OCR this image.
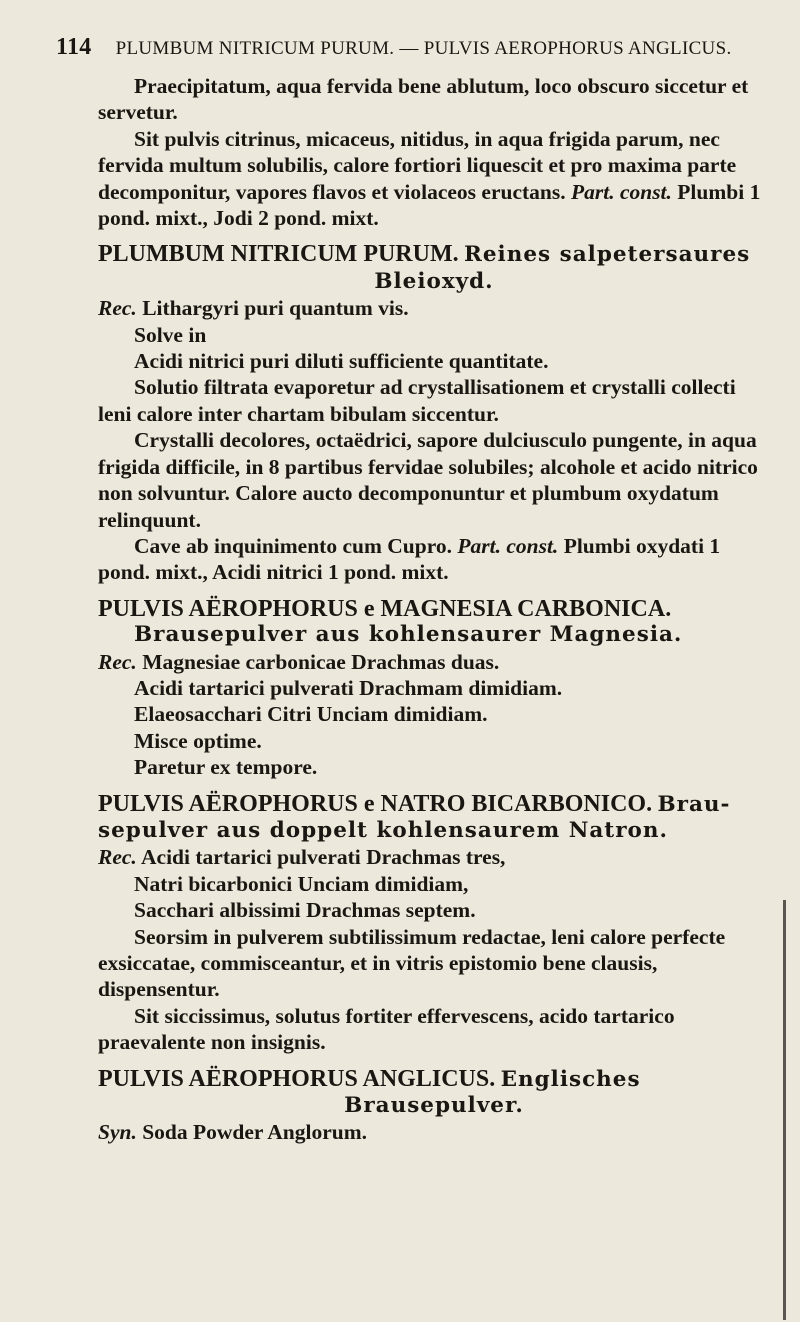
114 PLUMBUM NITRICUM PURUM. — PULVIS AEROPHORUS ANGLICUS.

Praecipitatum, aqua fervida bene ablutum, loco obscuro siccetur et servetur.

Sit pulvis citrinus, micaceus, nitidus, in aqua frigida parum, nec fervida multum solubilis, calore fortiori liquescit et pro maxima parte decomponitur, vapores flavos et violaceos eructans. Part. const. Plumbi 1 pond. mixt., Jodi 2 pond. mixt.

PLUMBUM NITRICUM PURUM. Reines salpetersaures

Bleioxyd.

Rec. Lithargyri puri quantum vis.

Solve in

Acidi nitrici puri diluti sufficiente quantitate.

Solutio filtrata evaporetur ad crystallisationem et crystalli collecti leni calore inter chartam bibulam siccentur.

Crystalli decolores, octaëdrici, sapore dulciusculo pungente, in aqua frigida difficile, in 8 partibus fervidae solubiles; alcohole et acido nitrico non solvuntur. Calore aucto decomponuntur et plumbum oxydatum relinquunt.

Cave ab inquinimento cum Cupro. Part. const. Plumbi oxydati 1 pond. mixt., Acidi nitrici 1 pond. mixt.

PULVIS AËROPHORUS e MAGNESIA CARBONICA.

Brausepulver aus kohlensaurer Magnesia.

Rec. Magnesiae carbonicae Drachmas duas.

Acidi tartarici pulverati Drachmam dimidiam.

Elaeosacchari Citri Unciam dimidiam.

Misce optime.

Paretur ex tempore.

PULVIS AËROPHORUS e NATRO BICARBONICO. Brau-

sepulver aus doppelt kohlensaurem Natron.

Rec. Acidi tartarici pulverati Drachmas tres,

Natri bicarbonici Unciam dimidiam,

Sacchari albissimi Drachmas septem.

Seorsim in pulverem subtilissimum redactae, leni calore perfecte exsiccatae, commisceantur, et in vitris epistomio bene clausis, dispensentur.

Sit siccissimus, solutus fortiter effervescens, acido tartarico praevalente non insignis.

PULVIS AËROPHORUS ANGLICUS. Englisches

Brausepulver.

Syn. Soda Powder Anglorum.
